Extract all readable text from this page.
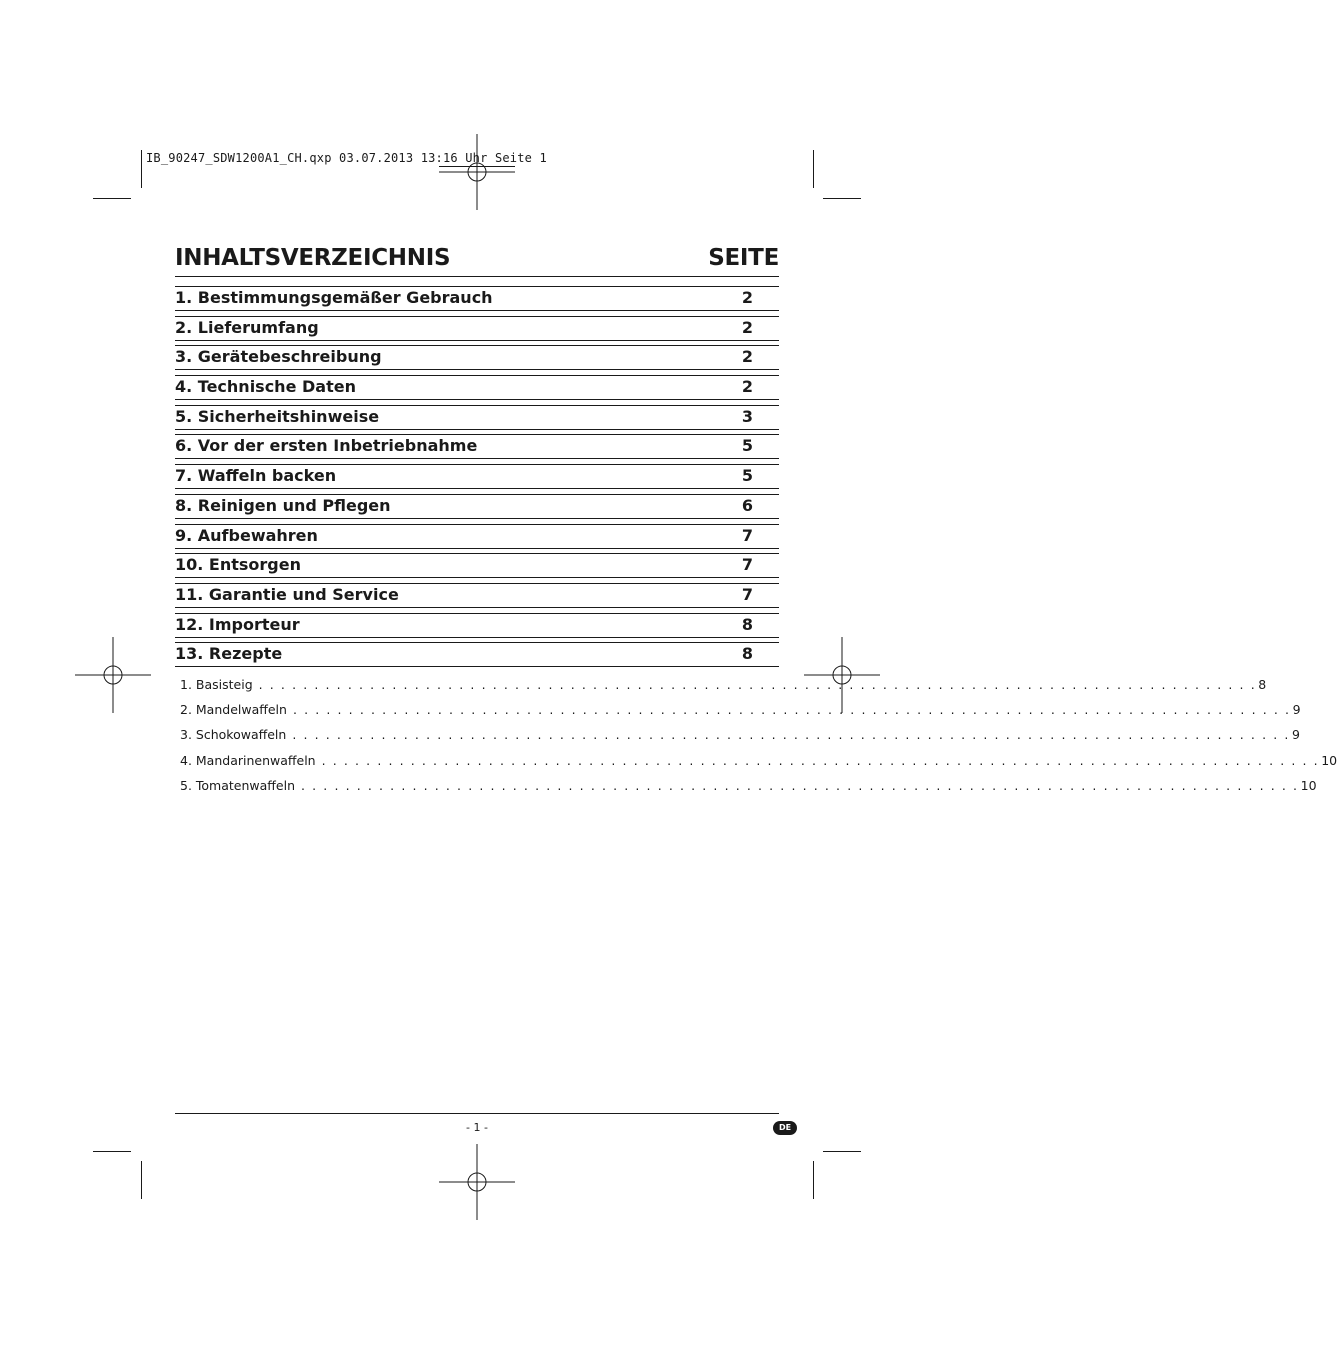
IB_90247_SDW1200A1_CH.qxp 03.07.2013 13:16 Uhr Seite 1
INHALTSVERZEICHNIS	SEITE
1. Bestimmungsgemäßer Gebrauch	2
2. Lieferumfang	2
3. Gerätebeschreibung	2
4. Technische Daten	2
5. Sicherheitshinweise	3
6. Vor der ersten Inbetriebnahme	5
7. Waffeln backen	5
8. Reinigen und Pflegen	6
9. Aufbewahren	7
10. Entsorgen	7
11. Garantie und Service	7
12. Importeur	8
13. Rezepte	8
1. Basisteig . . . . . . . . . . . . . . . . . . . . . . . . . . . . . . . . . . . . . . . . . . . . . . . . . . . . . . . . . . . . . . . . . . . . . . . . . . . . . . . . . . . . . . . . . . 8
2. Mandelwaffeln . . . . . . . . . . . . . . . . . . . . . . . . . . . . . . . . . . . . . . . . . . . . . . . . . . . . . . . . . . . . . . . . . . . . . . . . . . . . . . . . . . . . . . . . . . 9
3. Schokowaffeln . . . . . . . . . . . . . . . . . . . . . . . . . . . . . . . . . . . . . . . . . . . . . . . . . . . . . . . . . . . . . . . . . . . . . . . . . . . . . . . . . . . . . . . . . . 9
4. Mandarinenwaffeln . . . . . . . . . . . . . . . . . . . . . . . . . . . . . . . . . . . . . . . . . . . . . . . . . . . . . . . . . . . . . . . . . . . . . . . . . . . . . . . . . . . . . . . . . . 10
5. Tomatenwaffeln . . . . . . . . . . . . . . . . . . . . . . . . . . . . . . . . . . . . . . . . . . . . . . . . . . . . . . . . . . . . . . . . . . . . . . . . . . . . . . . . . . . . . . . . . . 10
- 1 -	DE
